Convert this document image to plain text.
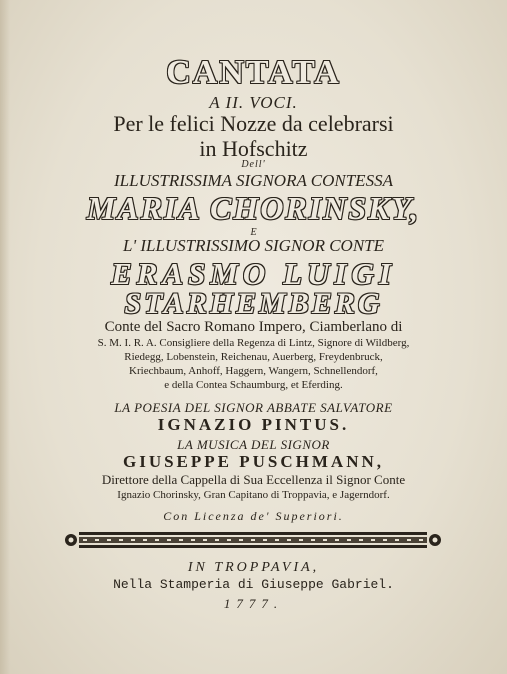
CANTATA
A II. VOCI.
Per le felici Nozze da celebrarsi
in Hofschitz
Dell'
ILLUSTRISSIMA SIGNORA CONTESSA
MARIA CHORINSKY,
E
L' ILLUSTRISSIMO SIGNOR CONTE
ERASMO LUIGI
STARHEMBERG
Conte del Sacro Romano Impero, Ciamberlano di
S. M. I. R. A. Consigliere della Regenza di Lintz, Signore di Wildberg,
Riedegg, Lobenstein, Reichenau, Auerberg, Freydenbruck,
Kriechbaum, Anhoff, Haggern, Wangern, Schnellendorf,
e della Contea Schaumburg, et Eferding.
LA POESIA DEL SIGNOR ABBATE SALVATORE
IGNAZIO PINTUS.
LA MUSICA DEL SIGNOR
GIUSEPPE PUSCHMANN,
Direttore della Cappella di Sua Eccellenza il Signor Conte
Ignazio Chorinsky, Gran Capitano di Troppavia, e Jagerndorf.
Con Licenza de' Superiori.
IN TROPPAVIA,
Nella Stamperia di Giuseppe Gabriel.
1777.
